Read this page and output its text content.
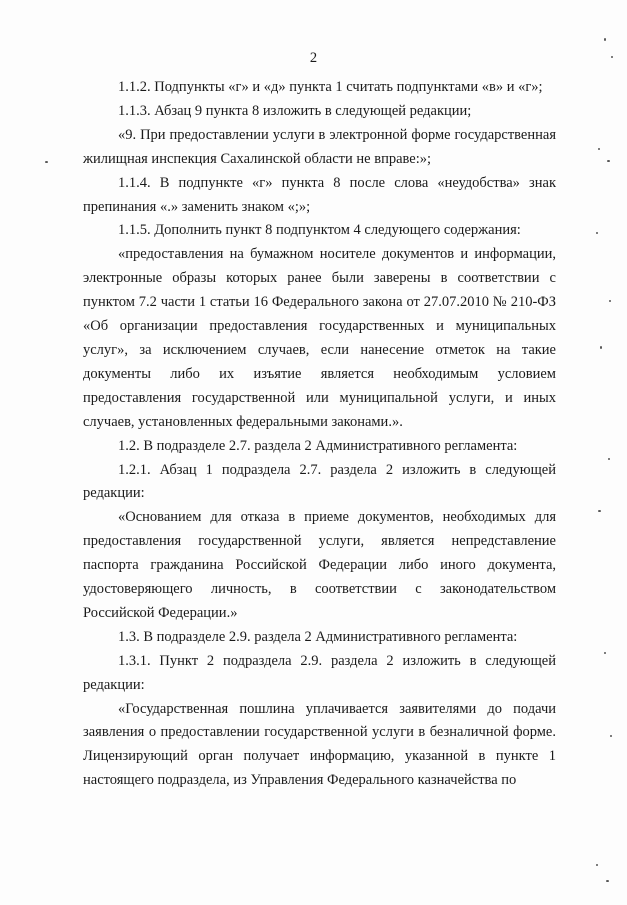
2

1.1.2. Подпункты «г» и «д» пункта 1 считать подпунктами «в» и «г»;

1.1.3. Абзац 9 пункта 8 изложить в следующей редакции;

«9. При предоставлении услуги в электронной форме государственная жилищная инспекция Сахалинской области не вправе:»;

1.1.4. В подпункте «г» пункта 8 после слова «неудобства» знак препинания «.» заменить знаком «;»;

1.1.5. Дополнить пункт 8 подпунктом 4 следующего содержания:

«предоставления на бумажном носителе документов и информации, электронные образы которых ранее были заверены в соответствии с пунктом 7.2 части 1 статьи 16 Федерального закона от 27.07.2010 № 210-ФЗ «Об организации предоставления государственных и муниципальных услуг», за исключением случаев, если нанесение отметок на такие документы либо их изъятие является необходимым условием предоставления государственной или муниципальной услуги, и иных случаев, установленных федеральными законами.».

1.2. В подразделе 2.7. раздела 2 Административного регламента:

1.2.1. Абзац 1 подраздела 2.7. раздела 2 изложить в следующей редакции:

«Основанием для отказа в приеме документов, необходимых для предоставления государственной услуги, является непредставление паспорта гражданина Российской Федерации либо иного документа, удостоверяющего личность, в соответствии с законодательством Российской Федерации.»

1.3. В подразделе 2.9. раздела 2 Административного регламента:

1.3.1. Пункт 2 подраздела 2.9. раздела 2 изложить в следующей редакции:

«Государственная пошлина уплачивается заявителями до подачи заявления о предоставлении государственной услуги в безналичной форме. Лицензирующий орган получает информацию, указанной в пункте 1 настоящего подраздела, из Управления Федерального казначейства по
